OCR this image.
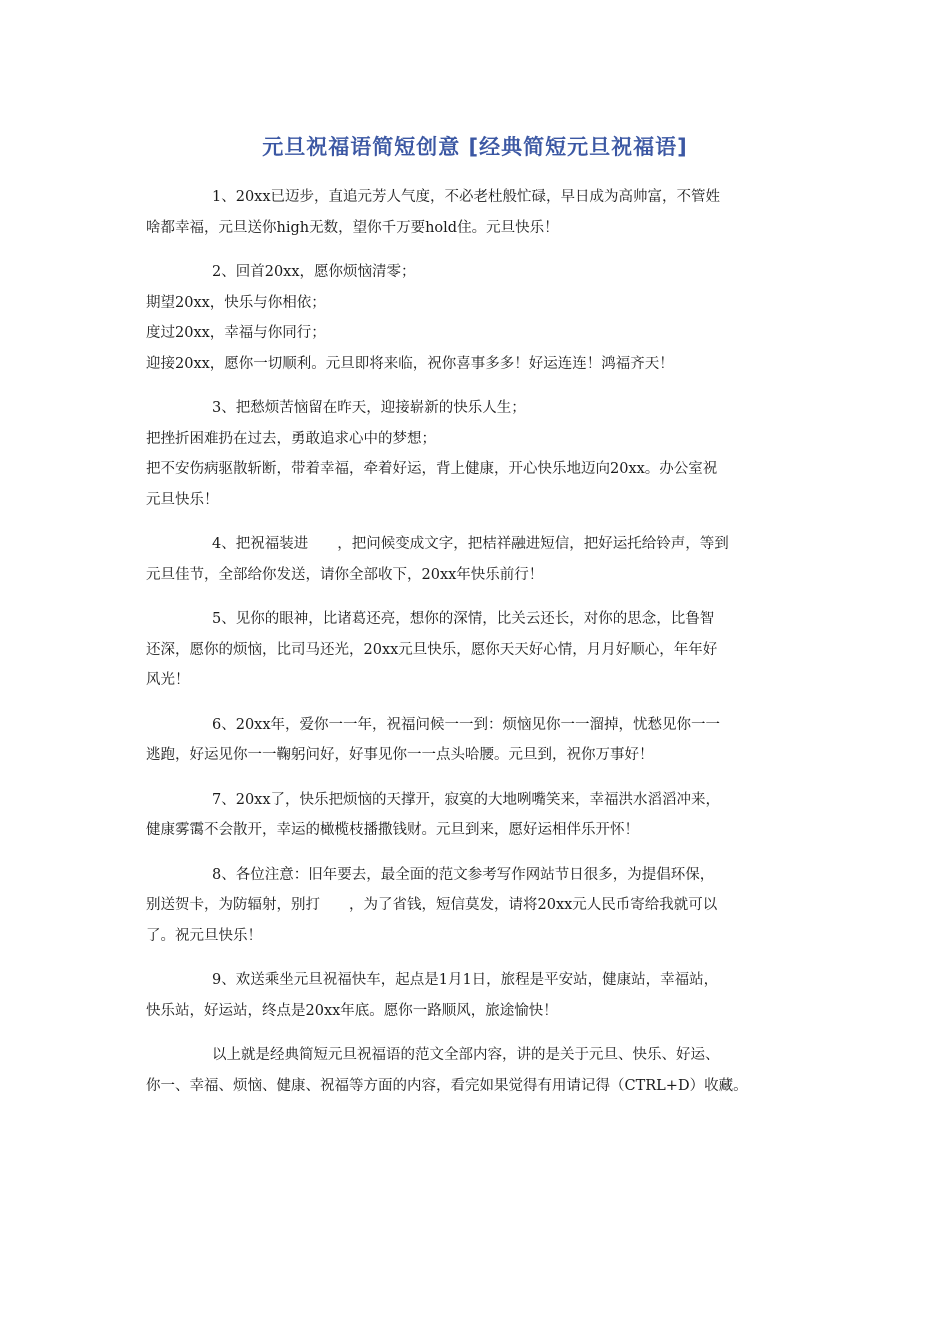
元旦祝福语简短创意 [经典简短元旦祝福语]
1、20xx已迈步，直追元芳人气度，不必老杜般忙碌，早日成为高帅富，不管姓
啥都幸福，元旦送你high无数，望你千万要hold住。元旦快乐！
2、回首20xx，愿你烦恼清零；
期望20xx，快乐与你相依；
度过20xx，幸福与你同行；
迎接20xx，愿你一切顺利。元旦即将来临，祝你喜事多多！好运连连！鸿福齐天！
3、把愁烦苦恼留在昨天，迎接崭新的快乐人生；
把挫折困难扔在过去，勇敢追求心中的梦想；
把不安伤病驱散斩断，带着幸福，牵着好运，背上健康，开心快乐地迈向20xx。办公室祝
元旦快乐！
4、把祝福装进　　，把问候变成文字，把桔祥融进短信，把好运托给铃声，等到
元旦佳节，全部给你发送，请你全部收下，20xx年快乐前行！
5、见你的眼神，比诸葛还亮，想你的深情，比关云还长，对你的思念，比鲁智
还深，愿你的烦恼，比司马还光，20xx元旦快乐，愿你天天好心情，月月好顺心，年年好
风光！
6、20xx年，爱你一一年，祝福问候一一到：烦恼见你一一溜掉，忧愁见你一一
逃跑，好运见你一一鞠躬问好，好事见你一一点头哈腰。元旦到，祝你万事好！
7、20xx了，快乐把烦恼的天撑开，寂寞的大地咧嘴笑来，幸福洪水滔滔冲来，
健康雾霭不会散开，幸运的橄榄枝播撒钱财。元旦到来，愿好运相伴乐开怀！
8、各位注意：旧年要去，最全面的范文参考写作网站节日很多，为提倡环保，
别送贺卡，为防辐射，别打　　，为了省钱，短信莫发，请将20xx元人民币寄给我就可以
了。祝元旦快乐！
9、欢送乘坐元旦祝福快车，起点是1月1日，旅程是平安站，健康站，幸福站，
快乐站，好运站，终点是20xx年底。愿你一路顺风，旅途愉快！
以上就是经典简短元旦祝福语的范文全部内容，讲的是关于元旦、快乐、好运、
你一、幸福、烦恼、健康、祝福等方面的内容，看完如果觉得有用请记得（CTRL+D）收藏。
